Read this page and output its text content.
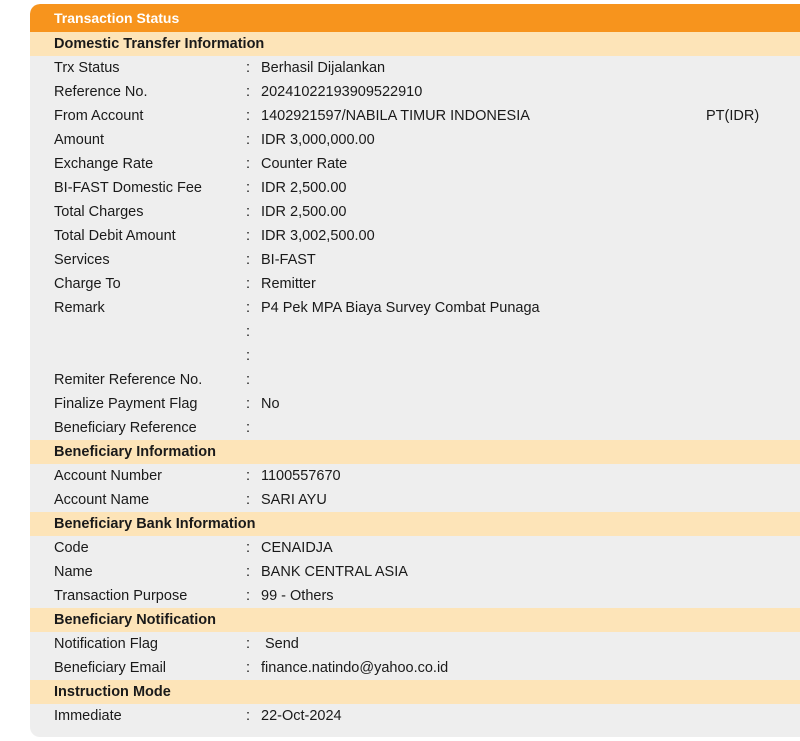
Transaction Status
Domestic Transfer Information
Trx Status	: Berhasil Dijalankan
Reference No.	: 20241022193909522910
From Account	: 1402921597/NABILA TIMUR INDONESIA	PT(IDR)
Amount	: IDR 3,000,000.00
Exchange Rate	: Counter Rate
BI-FAST Domestic Fee	: IDR 2,500.00
Total Charges	: IDR 2,500.00
Total Debit Amount	: IDR 3,002,500.00
Services	: BI-FAST
Charge To	: Remitter
Remark	: P4 Pek MPA Biaya Survey Combat Punaga
:
:
Remiter Reference No.	:
Finalize Payment Flag	: No
Beneficiary Reference	:
Beneficiary Information
Account Number	: 1100557670
Account Name	: SARI AYU
Beneficiary Bank Information
Code	: CENAIDJA
Name	: BANK CENTRAL ASIA
Transaction Purpose	: 99 - Others
Beneficiary Notification
Notification Flag	:	Send
Beneficiary Email	: finance.natindo@yahoo.co.id
Instruction Mode
Immediate	: 22-Oct-2024
